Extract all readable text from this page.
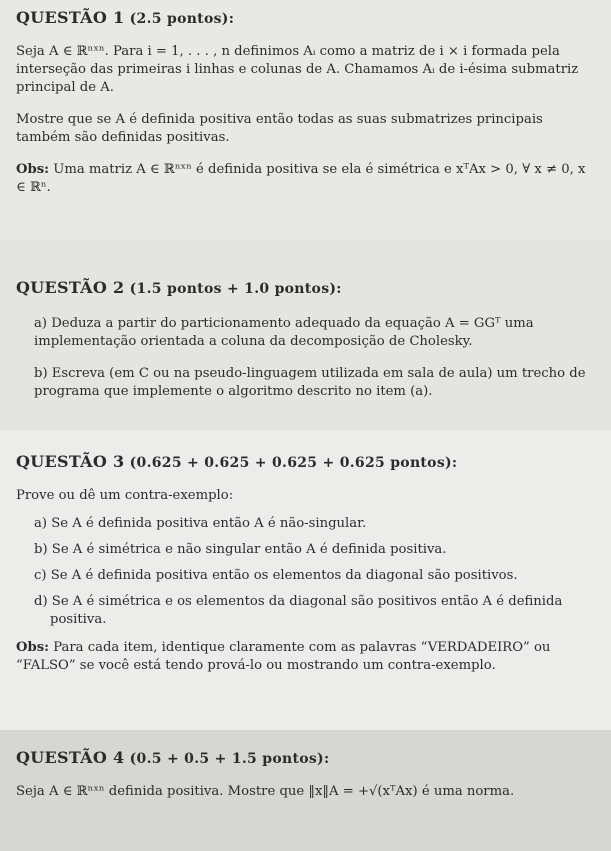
QUESTÃO 1 (2.5 pontos):

Seja A ∈ ℝⁿˣⁿ. Para i = 1, . . . , n definimos Aᵢ como a matriz de i × i formada pela interseção das primeiras i linhas e colunas de A. Chamamos Aᵢ de i-ésima submatriz principal de A.

Mostre que se A é definida positiva então todas as suas submatrizes principais também são definidas positivas.

Obs: Uma matriz A ∈ ℝⁿˣⁿ é definida positiva se ela é simétrica e xᵀAx > 0, ∀ x ≠ 0, x ∈ ℝⁿ.

QUESTÃO 2 (1.5 pontos + 1.0 pontos):

a) Deduza a partir do particionamento adequado da equação A = GGᵀ uma implementação orientada a coluna da decomposição de Cholesky.

b) Escreva (em C ou na pseudo-linguagem utilizada em sala de aula) um trecho de programa que implemente o algoritmo descrito no item (a).

QUESTÃO 3 (0.625 + 0.625 + 0.625 + 0.625 pontos):

Prove ou dê um contra-exemplo:

a) Se A é definida positiva então A é não-singular.

b) Se A é simétrica e não singular então A é definida positiva.

c) Se A é definida positiva então os elementos da diagonal são positivos.

d) Se A é simétrica e os elementos da diagonal são positivos então A é definida positiva.

Obs: Para cada item, identique claramente com as palavras “VERDADEIRO” ou “FALSO” se você está tendo prová-lo ou mostrando um contra-exemplo.

QUESTÃO 4 (0.5 + 0.5 + 1.5 pontos):

Seja A ∈ ℝⁿˣⁿ definida positiva. Mostre que ‖x‖A = +√(xᵀAx) é uma norma.
